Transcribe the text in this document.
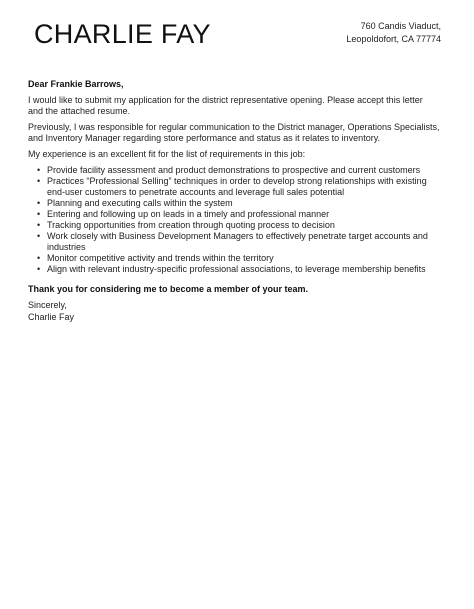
CHARLIE FAY	760 Candis Viaduct,
Leopoldofort, CA 77774
Dear Frankie Barrows,
I would like to submit my application for the district representative opening. Please accept this letter and the attached resume.
Previously, I was responsible for regular communication to the District manager, Operations Specialists, and Inventory Manager regarding store performance and status as it relates to inventory.
My experience is an excellent fit for the list of requirements in this job:
• Provide facility assessment and product demonstrations to prospective and current customers
• Practices “Professional Selling” techniques in order to develop strong relationships with existing end-user customers to penetrate accounts and leverage full sales potential
• Planning and executing calls within the system
• Entering and following up on leads in a timely and professional manner
• Tracking opportunities from creation through quoting process to decision
• Work closely with Business Development Managers to effectively penetrate target accounts and industries
• Monitor competitive activity and trends within the territory
• Align with relevant industry-specific professional associations, to leverage membership benefits
Thank you for considering me to become a member of your team.
Sincerely,
Charlie Fay
